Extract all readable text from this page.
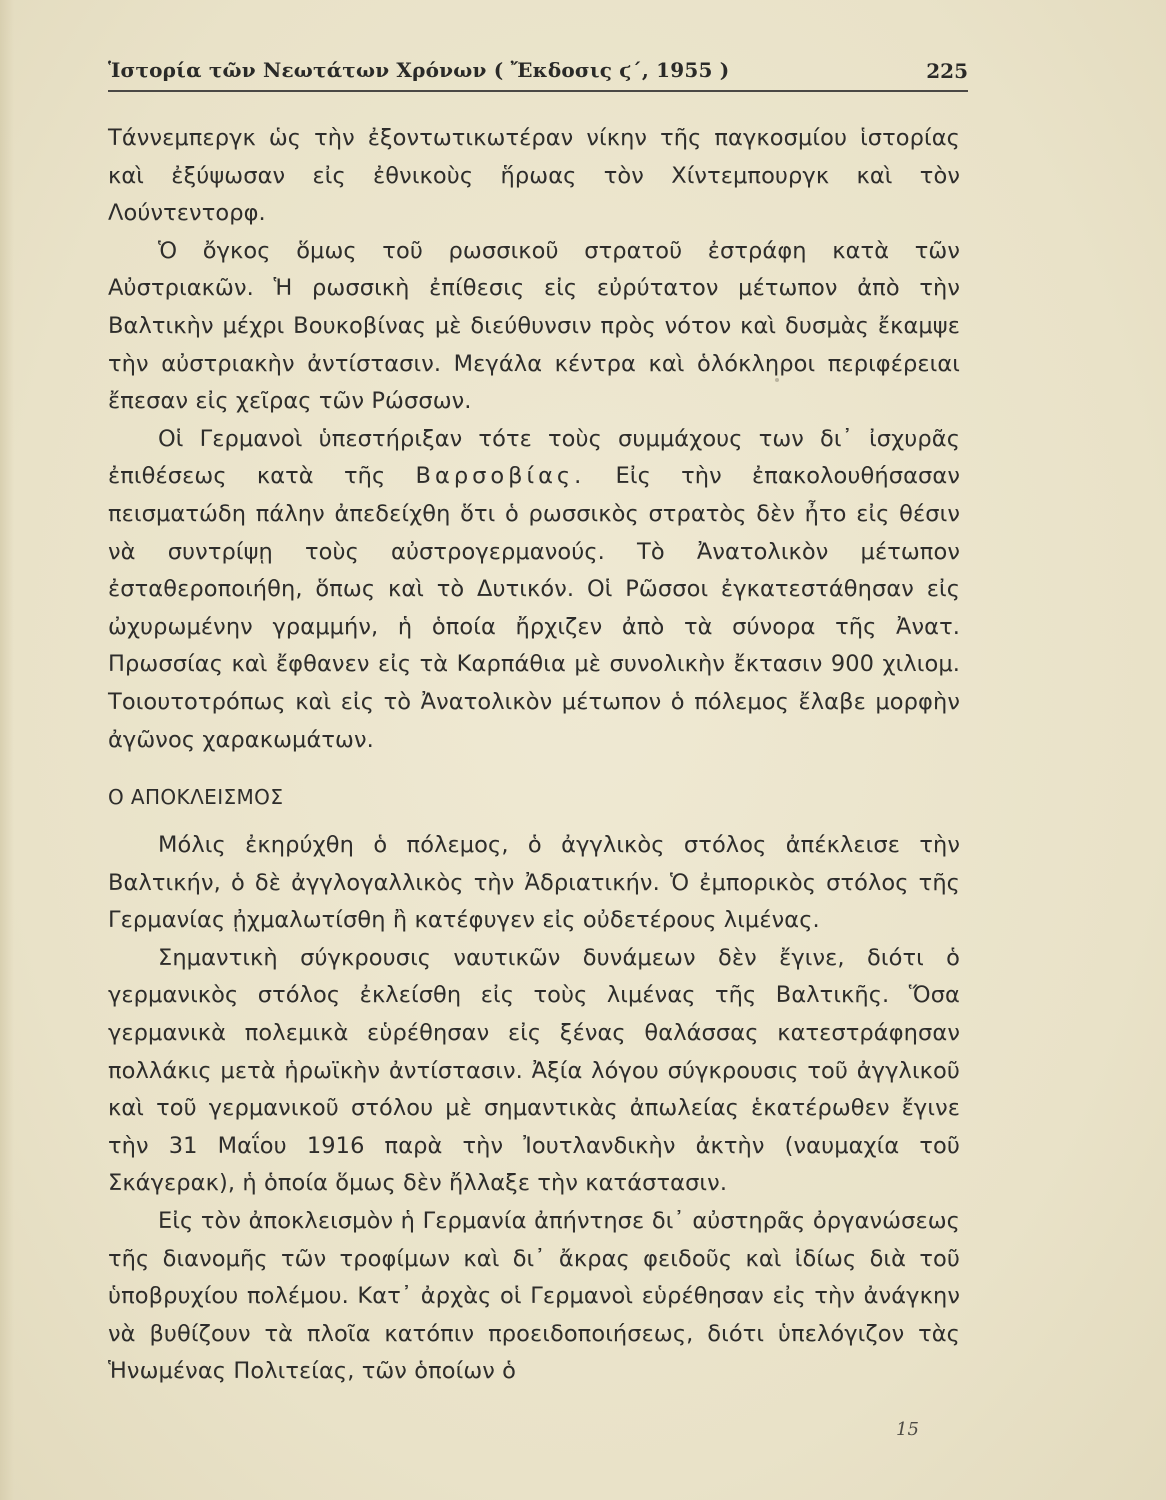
Ἱστορία τῶν Νεωτάτων Χρόνων ( Ἔκδοσις ϛ΄, 1955 )	225

Τάννεμπεργκ ὡς τὴν ἐξοντωτικωτέραν νίκην τῆς παγκοσμίου ἱστορίας καὶ ἐξύψωσαν εἰς ἐθνικοὺς ἥρωας τὸν Χίντεμπουργκ καὶ τὸν Λούντεντορφ.

Ὁ ὄγκος ὅμως τοῦ ρωσσικοῦ στρατοῦ ἐστράφη κατὰ τῶν Αὐστριακῶν. Ἡ ρωσσικὴ ἐπίθεσις εἰς εὐρύτατον μέτωπον ἀπὸ τὴν Βαλτικὴν μέχρι Βουκοβίνας μὲ διεύθυνσιν πρὸς νότον καὶ δυσμὰς ἔκαμψε τὴν αὐστριακὴν ἀντίστασιν. Μεγάλα κέντρα καὶ ὁλόκληροι περιφέρειαι ἔπεσαν εἰς χεῖρας τῶν Ρώσσων.

Οἱ Γερμανοὶ ὑπεστήριξαν τότε τοὺς συμμάχους των δι᾽ ἰσχυρᾶς ἐπιθέσεως κατὰ τῆς Βαρσοβίας. Εἰς τὴν ἐπακολουθήσασαν πεισματώδη πάλην ἀπεδείχθη ὅτι ὁ ρωσσικὸς στρατὸς δὲν ἦτο εἰς θέσιν νὰ συντρίψῃ τοὺς αὐστρογερμανούς. Τὸ Ἀνατολικὸν μέτωπον ἐσταθεροποιήθη, ὅπως καὶ τὸ Δυτικόν. Οἱ Ρῶσσοι ἐγκατεστάθησαν εἰς ὠχυρωμένην γραμμήν, ἡ ὁποία ἤρχιζεν ἀπὸ τὰ σύνορα τῆς Ἀνατ. Πρωσσίας καὶ ἔφθανεν εἰς τὰ Καρπάθια μὲ συνολικὴν ἔκτασιν 900 χιλιομ. Τοιουτοτρόπως καὶ εἰς τὸ Ἀνατολικὸν μέτωπον ὁ πόλεμος ἔλαβε μορφὴν ἀγῶνος χαρακωμάτων.

Ο ΑΠΟΚΛΕΙΣΜΟΣ

Μόλις ἐκηρύχθη ὁ πόλεμος, ὁ ἀγγλικὸς στόλος ἀπέκλεισε τὴν Βαλτικήν, ὁ δὲ ἀγγλογαλλικὸς τὴν Ἀδριατικήν. Ὁ ἐμπορικὸς στόλος τῆς Γερμανίας ᾐχμαλωτίσθη ἢ κατέφυγεν εἰς οὐδετέρους λιμένας.

Σημαντικὴ σύγκρουσις ναυτικῶν δυνάμεων δὲν ἔγινε, διότι ὁ γερμανικὸς στόλος ἐκλείσθη εἰς τοὺς λιμένας τῆς Βαλτικῆς. Ὅσα γερμανικὰ πολεμικὰ εὑρέθησαν εἰς ξένας θαλάσσας κατεστράφησαν πολλάκις μετὰ ἡρωϊκὴν ἀντίστασιν. Ἀξία λόγου σύγκρουσις τοῦ ἀγγλικοῦ καὶ τοῦ γερμανικοῦ στόλου μὲ σημαντικὰς ἀπωλείας ἑκατέρωθεν ἔγινε τὴν 31 Μαΐου 1916 παρὰ τὴν Ἰουτλανδικὴν ἀκτὴν (ναυμαχία τοῦ Σκάγερακ), ἡ ὁποία ὅμως δὲν ἤλλαξε τὴν κατάστασιν.

Εἰς τὸν ἀποκλεισμὸν ἡ Γερμανία ἀπήντησε δι᾽ αὐστηρᾶς ὀργανώσεως τῆς διανομῆς τῶν τροφίμων καὶ δι᾽ ἄκρας φειδοῦς καὶ ἰδίως διὰ τοῦ ὑποβρυχίου πολέμου. Κατ᾽ ἀρχὰς οἱ Γερμανοὶ εὑρέθησαν εἰς τὴν ἀνάγκην νὰ βυθίζουν τὰ πλοῖα κατόπιν προειδοποιήσεως, διότι ὑπελόγιζον τὰς Ἡνωμένας Πολιτείας, τῶν ὁποίων ὁ

15
